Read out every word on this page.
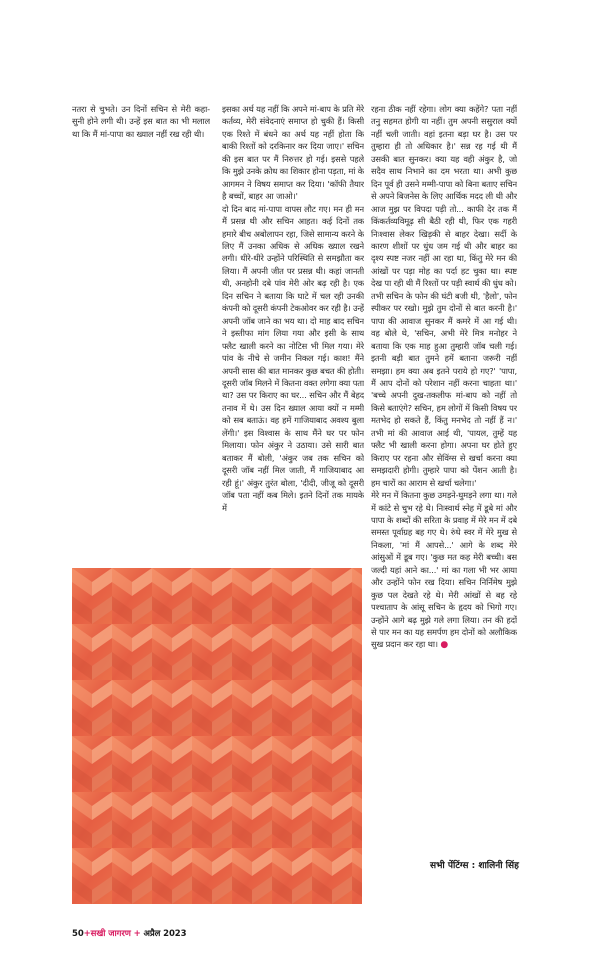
नतरा से चुभते। उन दिनों सचिन से मेरी कहा-सुनी होने लगी थी। उन्हें इस बात का भी मलाल था कि मैं मां-पापा का ख्याल नहीं रख रही थी।

इसका अर्थ यह नहीं कि अपने मां-बाप के प्रति मेरे कर्तव्य, मेरी संवेदनाएं समाप्त हो चुकी हैं। किसी एक रिश्ते में बंधने का अर्थ यह नहीं होता कि बाकी रिश्तों को दरकिनार कर दिया जाए।' सचिन की इस बात पर मैं निरुत्तर हो गई। इससे पहले कि मुझे उनके क्रोध का शिकार होना पड़ता, मां के आगमन ने विषय समाप्त कर दिया। 'कॉफी तैयार है बच्चों, बाहर आ जाओ।'

दो दिन बाद मां-पापा वापस लौट गए। मन ही मन मैं प्रसन्न थी और सचिन आहत। कई दिनों तक हमारे बीच अबोलापन रहा, जिसे सामान्य करने के लिए मैं उनका अधिक से अधिक ख्याल रखने लगी। धीरे-धीरे उन्होंने परिस्थिति से समझौता कर लिया। मैं अपनी जीत पर प्रसन्न थी। कहां जानती थी, अनहोनी दबे पांव मेरी ओर बढ़ रही है। एक दिन सचिन ने बताया कि घाटे में चल रही उनकी कंपनी को दूसरी कंपनी टेकओवर कर रही है। उन्हें अपनी जॉब जाने का भय था। दो माह बाद सचिन ने इस्तीफा मांग लिया गया और इसी के साथ फ्लैट खाली करने का नोटिस भी मिल गया। मेरे पांव के नीचे से जमीन निकल गई। काश! मैंने अपनी सास की बात मानकर कुछ बचत की होती। दूसरी जॉब मिलने में कितना वक्त लगेगा क्या पता था? उस पर किराए का घर... सचिन और मैं बेहद तनाव में थे। उस दिन ख्याल आया क्यों न मम्मी को सब बताऊं। वह हमें गाजियाबाद अवश्य बुला लेंगी।' इस विश्वास के साथ मैंने घर पर फोन मिलाया। फोन अंकुर ने उठाया। उसे सारी बात बताकर मैं बोली, 'अंकुर जब तक सचिन को दूसरी जॉब नहीं मिल जाती, मैं गाजियाबाद आ रही हूं।' अंकुर तुरंत बोला, 'दीदी, जीजू को दूसरी जॉब पता नहीं कब मिले। इतने दिनों तक मायके में

रहना ठीक नहीं रहेगा। लोग क्या कहेंगे? पता नहीं तनु सहमत होगी या नहीं। तुम अपनी ससुराल क्यों नहीं चली जाती। वहां इतना बड़ा घर है। उस पर तुम्हारा ही तो अधिकार है।' सन्न रह गई थी मैं उसकी बात सुनकर। क्या यह वही अंकुर है, जो सदैव साथ निभाने का दम भरता था। अभी कुछ दिन पूर्व ही उसने मम्मी-पापा को बिना बताए सचिन से अपने बिजनेस के लिए आर्थिक मदद ली थी और आज मुझ पर विपदा पड़ी तो... काफी देर तक मैं किंकर्तव्यविमूढ़ सी बैठी रही थी, फिर एक गहरी निःश्वास लेकर खिड़की से बाहर देखा। सर्दी के कारण शीशों पर धुंध जम गई थी और बाहर का दृश्य स्पष्ट नजर नहीं आ रहा था, किंतु मेरे मन की आंखों पर पड़ा मोह का पर्दा हट चुका था। स्पष्ट देख पा रही थी मैं रिश्तों पर पड़ी स्वार्थ की धुंध को।

तभी सचिन के फोन की घंटी बजी थी, 'हैलो', फोन स्पीकर पर रखो। मुझे तुम दोनों से बात करनी है।' पापा की आवाज सुनकर मैं कमरे में आ गई थी। वह बोले थे, 'सचिन, अभी मेरे मित्र मनोहर ने बताया कि एक माह हुआ तुम्हारी जॉब चली गई। इतनी बड़ी बात तुमने हमें बताना जरूरी नहीं समझा। हम क्या अब इतने पराये हो गए?' 'पापा, मैं आप दोनों को परेशान नहीं करना चाहता था।' 'बच्चे अपनी दुख-तकलीफ मां-बाप को नहीं तो किसे बताएंगे? सचिन, हम लोगों में किसी विषय पर मतभेद हो सकते हैं, किंतु मनभेद तो नहीं हैं न।' तभी मां की आवाज आई थी, 'पायल, तुम्हें यह फ्लैट भी खाली करना होगा। अपना घर होते हुए किराए पर रहना और सेविंग्स से खर्चा करना क्या समझदारी होगी। तुम्हारे पापा को पेंशन आती है। हम चारों का आराम से खर्चा चलेगा।'

मेरे मन में कितना कुछ उमड़ने-घुमड़ने लगा था। गले में कांटे से चुभ रहे थे। निःस्वार्थ स्नेह में डूबे मां और पापा के शब्दों की सरिता के प्रवाह में मेरे मन में दबे समस्त पूर्वाग्रह बह गए थे। रुंधे स्वर में मेरे मुख से निकला, 'मां मैं आपसे...' आगे के शब्द मेरे आंसुओं में डूब गए। 'कुछ मत कह मेरी बच्ची। बस जल्दी यहां आने का...' मां का गला भी भर आया और उन्होंने फोन रख दिया। सचिन निर्निमेष मुझे कुछ पल देखते रहे थे। मेरी आंखों से बह रहे पश्चाताप के आंसू सचिन के हृदय को भिगो गए। उन्होंने आगे बढ़ मुझे गले लगा लिया। तन की हदों से पार मन का यह समर्पण हम दोनों को अलौकिक सुख प्रदान कर रहा था। ●

सभी पेंटिंग्स : शालिनी सिंह
50+सखी जागरण + अप्रैल 2023
